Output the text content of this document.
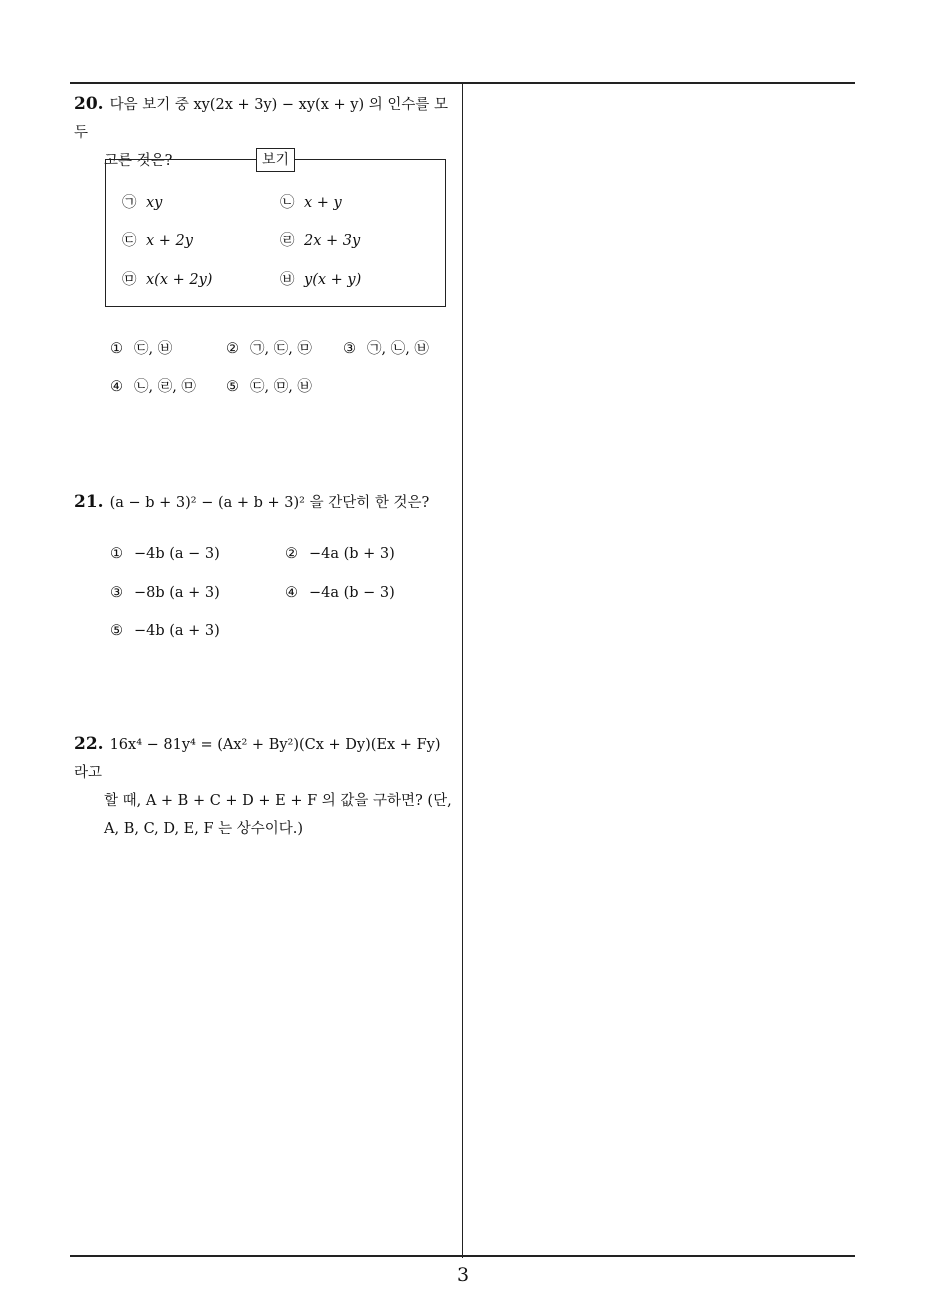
3
20. 다음 보기 중 xy(2x + 3y) − xy(x + y) 의 인수를 모두
고른 것은?	보기
㉠ xy	㉡ x + y
㉢ x + 2y	㉣ 2x + 3y
㉤ x(x + 2y)	㉥ y(x + y)
① ㉢, ㉥	② ㉠, ㉢, ㉤ ③ ㉠, ㉡, ㉥
④ ㉡, ㉣, ㉤ ⑤ ㉢, ㉤, ㉥
21. (a − b + 3)² − (a + b + 3)² 을 간단히 한 것은?
① −4b (a − 3)	② −4a (b + 3)
③ −8b (a + 3)	④ −4a (b − 3)
⑤ −4b (a + 3)
22. 16x⁴ − 81y⁴ = (Ax² + By²)(Cx + Dy)(Ex + Fy) 라고
할 때, A + B + C + D + E + F 의 값을 구하면? (단,
A, B, C, D, E, F 는 상수이다.)
